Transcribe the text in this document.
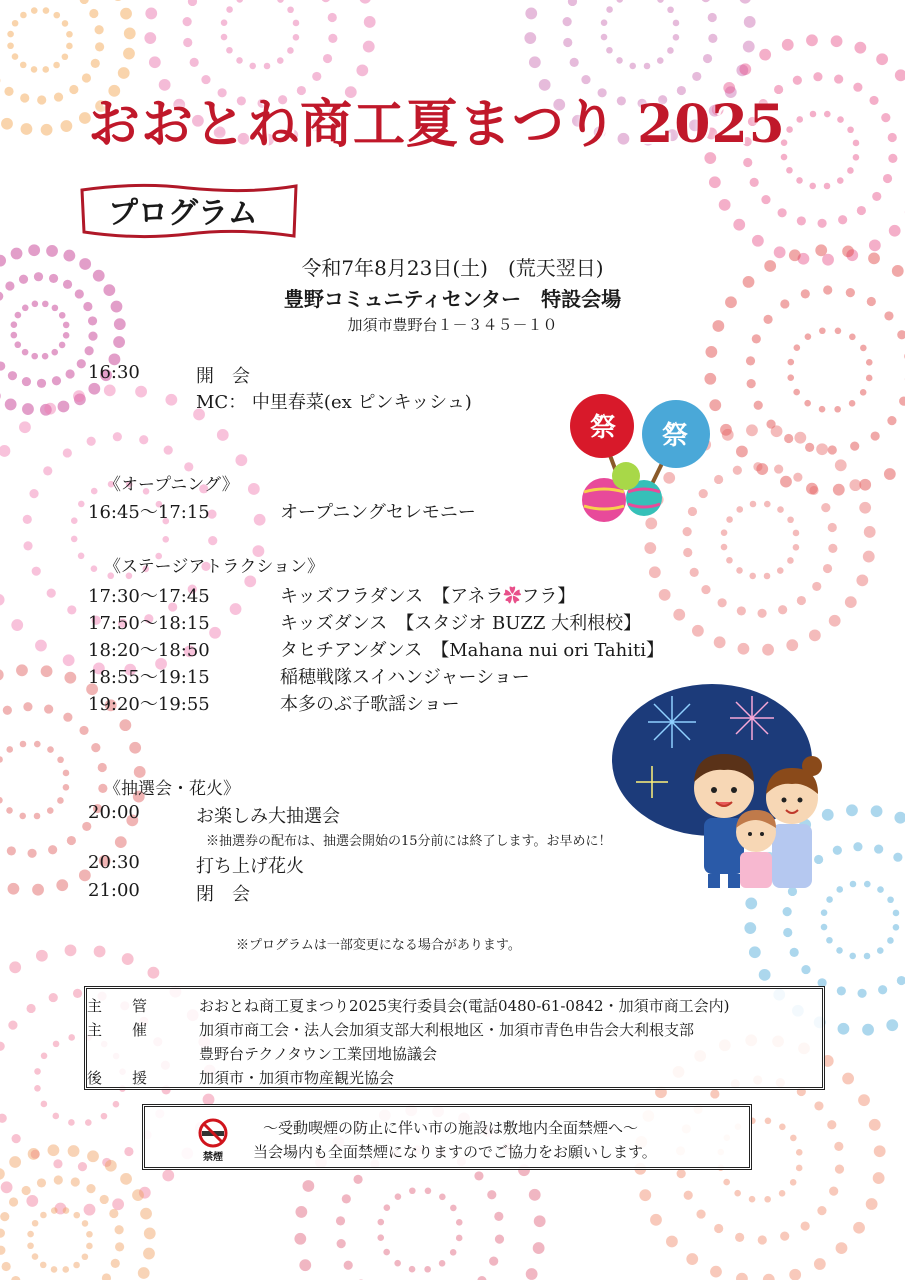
おおとね商工夏まつり 2025
プログラム
令和7年8月23日(土)　(荒天翌日)
豊野コミュニティセンター　特設会場
加須市豊野台１－３４５－１０
16:30	開　会
MC： 中里春菜(ex ピンキッシュ)
《オープニング》
16:45〜17:15	オープニングセレモニー
《ステージアトラクション》
17:30〜17:45	キッズフラダンス　【アネラ✿フラ】
17:50〜18:15	キッズダンス　【スタジオ BUZZ 大利根校】
18:20〜18:50	タヒチアンダンス　【Mahana nui ori Tahiti】
18:55〜19:15	稲穂戦隊スイハンジャーショー
19:20〜19:55	本多のぶ子歌謡ショー
《抽選会・花火》
20:00	お楽しみ大抽選会
※抽選券の配布は、抽選会開始の15分前には終了します。お早めに！
20:30	打ち上げ花火
21:00	閉　会
※プログラムは一部変更になる場合があります。
祭 祭
主　　管	おおとね商工夏まつり2025実行委員会(電話0480-61-0842・加須市商工会内)
主　　催	加須市商工会・法人会加須支部大利根地区・加須市青色申告会大利根支部
豊野台テクノタウン工業団地協議会
後　　援	加須市・加須市物産観光協会
禁煙
〜受動喫煙の防止に伴い市の施設は敷地内全面禁煙へ〜
当会場内も全面禁煙になりますのでご協力をお願いします。
